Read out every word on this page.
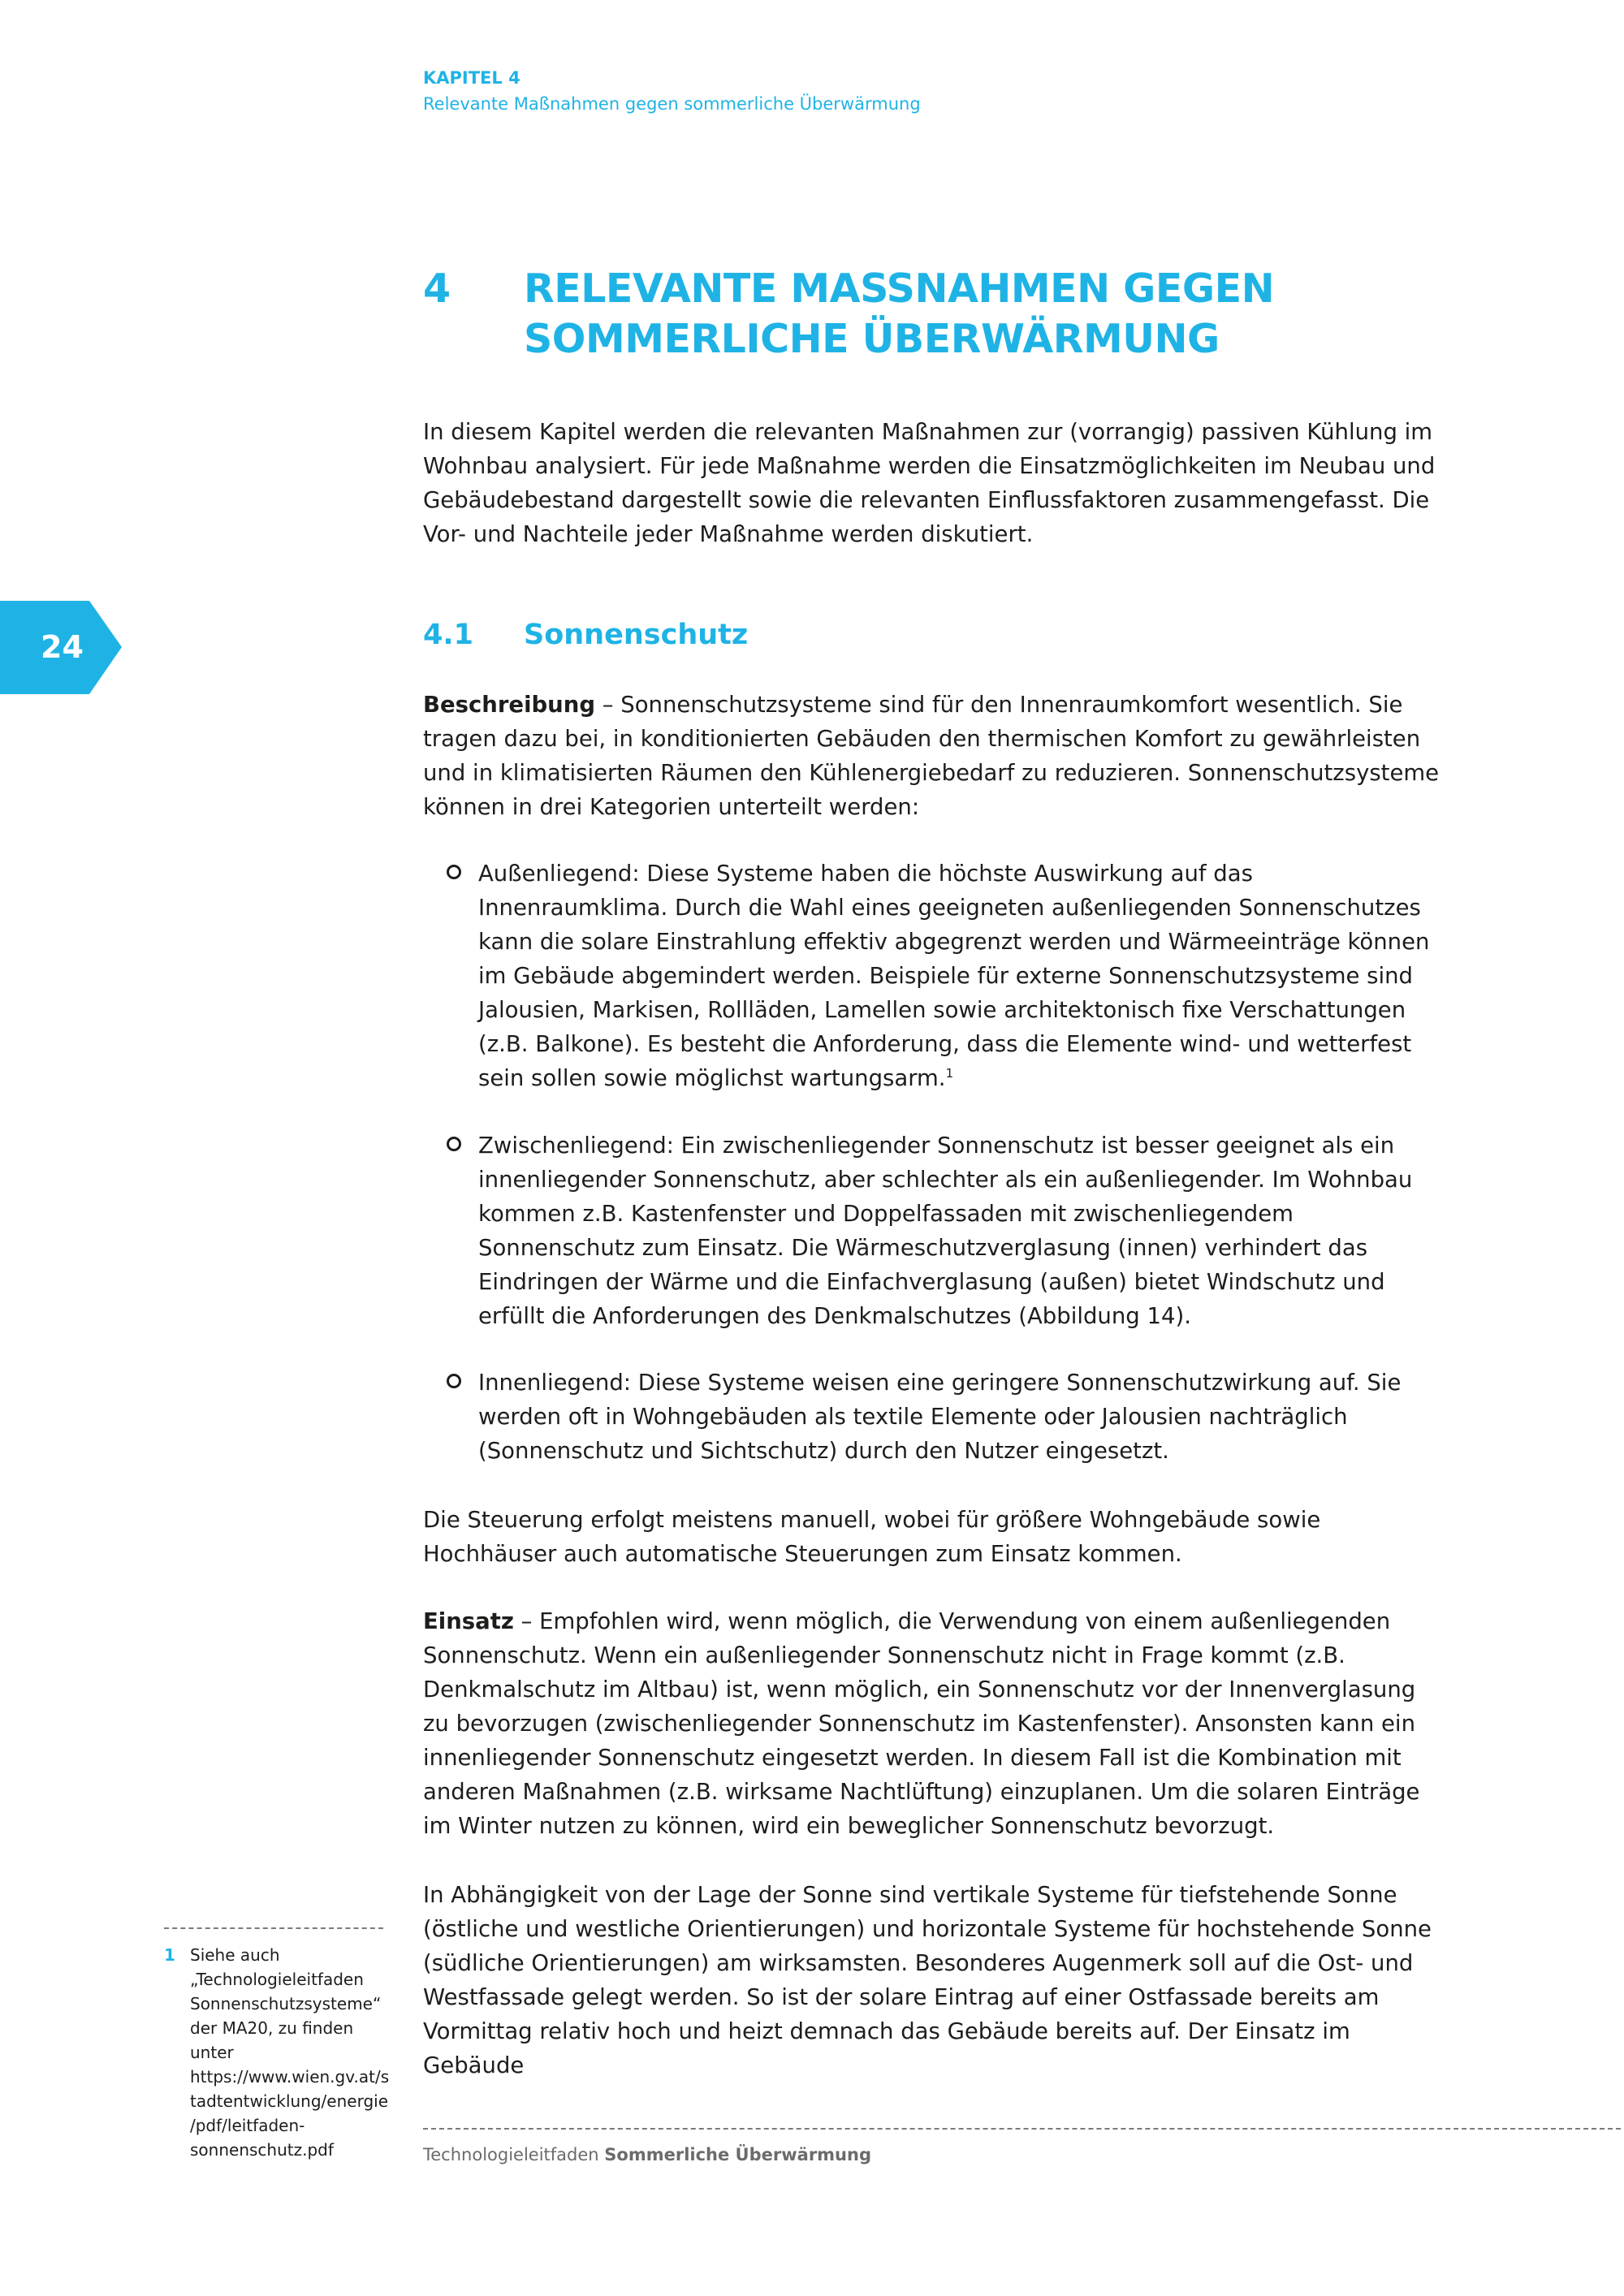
KAPITEL 4
Relevante Maßnahmen gegen sommerliche Überwärmung
4 RELEVANTE MASSNAHMEN GEGEN
SOMMERLICHE ÜBERWÄRMUNG

In diesem Kapitel werden die relevanten Maßnahmen zur (vorrangig) passiven Kühlung im Wohnbau analysiert. Für jede Maßnahme werden die Einsatzmöglichkeiten im Neubau und Gebäudebestand dargestellt sowie die relevanten Einflussfaktoren zusammengefasst. Die Vor- und Nachteile jeder Maßnahme werden diskutiert.

24	4.1 Sonnenschutz

Beschreibung – Sonnenschutzsysteme sind für den Innenraumkomfort wesentlich. Sie tragen dazu bei, in konditionierten Gebäuden den thermischen Komfort zu gewährleisten und in klimatisierten Räumen den Kühlenergiebedarf zu reduzieren. Sonnenschutzsysteme können in drei Kategorien unterteilt werden:

Außenliegend: Diese Systeme haben die höchste Auswirkung auf das Innenraumklima. Durch die Wahl eines geeigneten außenliegenden Sonnenschutzes kann die solare Einstrahlung effektiv abgegrenzt werden und Wärmeeinträge können im Gebäude abgemindert werden. Beispiele für externe Sonnenschutzsysteme sind Jalousien, Markisen, Rollläden, Lamellen sowie architektonisch fixe Verschattungen (z.B. Balkone). Es besteht die Anforderung, dass die Elemente wind- und wetterfest sein sollen sowie möglichst wartungsarm.$^1$

Zwischenliegend: Ein zwischenliegender Sonnenschutz ist besser geeignet als ein innenliegender Sonnenschutz, aber schlechter als ein außenliegender. Im Wohnbau kommen z.B. Kastenfenster und Doppelfassaden mit zwischenliegendem Sonnenschutz zum Einsatz. Die Wärmeschutzverglasung (innen) verhindert das Eindringen der Wärme und die Einfachverglasung (außen) bietet Windschutz und erfüllt die Anforderungen des Denkmalschutzes (Abbildung 14).

Innenliegend: Diese Systeme weisen eine geringere Sonnenschutzwirkung auf. Sie werden oft in Wohngebäuden als textile Elemente oder Jalousien nachträglich (Sonnenschutz und Sichtschutz) durch den Nutzer eingesetzt.

Die Steuerung erfolgt meistens manuell, wobei für größere Wohngebäude sowie Hochhäuser auch automatische Steuerungen zum Einsatz kommen.

Einsatz – Empfohlen wird, wenn möglich, die Verwendung von einem außenliegenden Sonnenschutz. Wenn ein außenliegender Sonnenschutz nicht in Frage kommt (z.B. Denkmalschutz im Altbau) ist, wenn möglich, ein Sonnenschutz vor der Innenverglasung zu bevorzugen (zwischenliegender Sonnenschutz im Kastenfenster). Ansonsten kann ein innenliegender Sonnenschutz eingesetzt werden. In diesem Fall ist die Kombination mit anderen Maßnahmen (z.B. wirksame Nachtlüftung) einzuplanen. Um die solaren Einträge im Winter nutzen zu können, wird ein beweglicher Sonnenschutz bevorzugt.

In Abhängigkeit von der Lage der Sonne sind vertikale Systeme für tiefstehende Sonne (östliche und westliche Orientierungen) und horizontale Systeme für hochstehende Sonne (südliche Orientierungen) am wirksamsten. Besonderes Augenmerk soll auf die Ost- und Westfassade gelegt werden. So ist der solare Eintrag auf einer Ostfassade bereits am Vormittag relativ hoch und heizt demnach das Gebäude bereits auf. Der Einsatz im Gebäude

1 Siehe auch „Technologieleitfaden Sonnenschutzsysteme“ der MA20, zu finden unter https://www.wien.gv.at/stadtentwicklung/energie/pdf/leitfaden-sonnenschutz.pdf	Technologieleitfaden Sommerliche Überwärmung
